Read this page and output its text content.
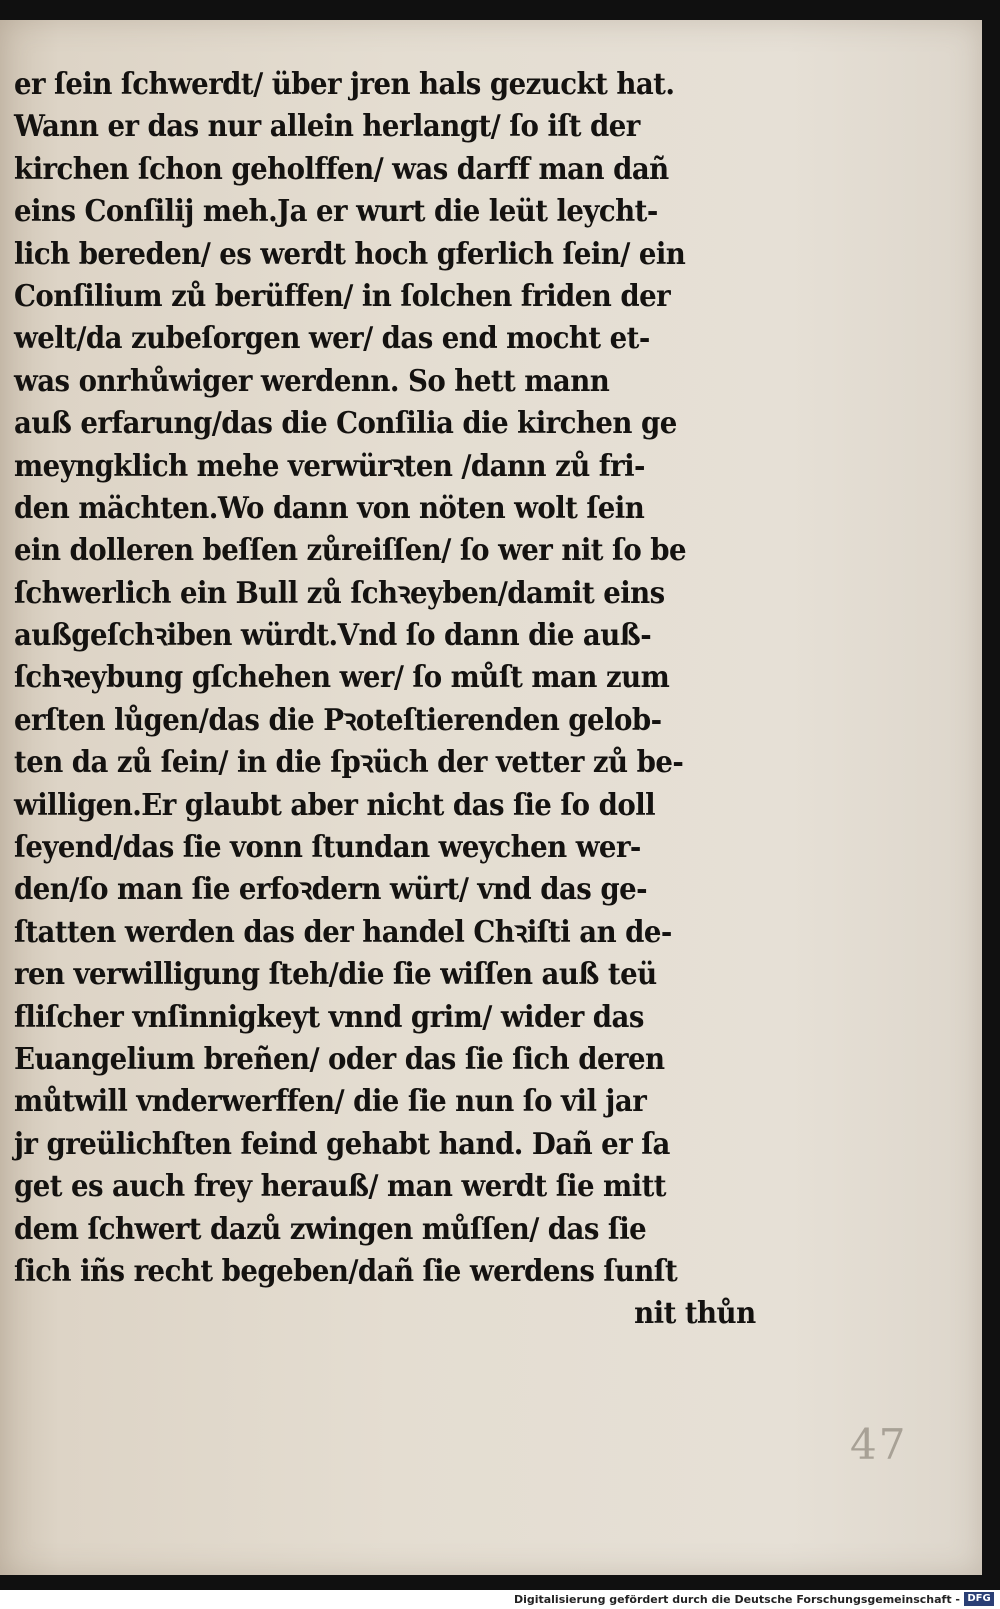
er ſein ſchwerdt/ über jren hals gezuckt hat.
Wann er das nur allein herlangt/ ſo iſt der
kirchen ſchon geholffen/ was darff man dañ
eins Conſilij meh.Ja er wurt die leüt leycht-
lich bereden/ es werdt hoch gferlich ſein/ ein
Conſilium zů berüffen/ in ſolchen friden der
welt/da zubeſorgen wer/ das end mocht et-
was onrhůwiger werdenn. So hett mann
auß erfarung/das die Conſilia die kirchen ge
meyngklich mehe verwürꝛten /dann zů fri-
den mächten.Wo dann von nöten wolt ſein
ein dolleren beſſen zůreiſſen/ ſo wer nit ſo be
ſchwerlich ein Bull zů ſchꝛeyben/damit eins
außgeſchꝛiben würdt.Vnd ſo dann die auß-
ſchꝛeybung gſchehen wer/ ſo můſt man zum
erſten lůgen/das die Pꝛoteſtierenden gelob-
ten da zů ſein/ in die ſpꝛüch der vetter zů be-
willigen.Er glaubt aber nicht das ſie ſo doll
ſeyend/das ſie vonn ſtundan weychen wer-
den/ſo man ſie erfoꝛdern würt/ vnd das ge-
ſtatten werden das der handel Chꝛiſti an de-
ren verwilligung ſteh/die ſie wiſſen auß teü
fliſcher vnſinnigkeyt vnnd grim/ wider das
Euangelium breñen/ oder das ſie ſich deren
můtwill vnderwerffen/ die ſie nun ſo vil jar
jr greülichſten feind gehabt hand. Dañ er ſa
get es auch frey herauß/ man werdt ſie mitt
dem ſchwert dazů zwingen můſſen/ das ſie
ſich iñs recht begeben/dañ ſie werdens ſunſt
nit thůn
47
Digitalisierung gefördert durch die Deutsche Forschungsgemeinschaft - DFG
